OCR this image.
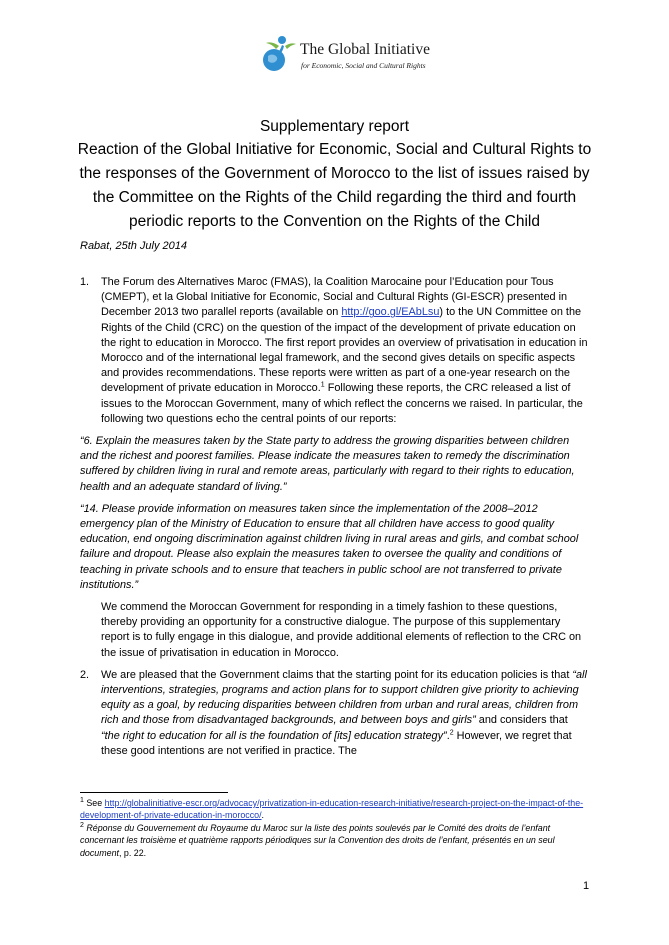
The Global Initiative
for Economic, Social and Cultural Rights
Supplementary report
Reaction of the Global Initiative for Economic, Social and Cultural Rights to
the responses of the Government of Morocco to the list of issues raised by
the Committee on the Rights of the Child regarding the third and fourth
periodic reports to the Convention on the Rights of the Child
Rabat, 25th July 2014
1. The Forum des Alternatives Maroc (FMAS), la Coalition Marocaine pour l’Education pour Tous (CMEPT), et la Global Initiative for Economic, Social and Cultural Rights (GI-ESCR) presented in December 2013 two parallel reports (available on http://goo.gl/EAbLsu) to the UN Committee on the Rights of the Child (CRC) on the question of the impact of the development of private education on the right to education in Morocco. The first report provides an overview of privatisation in education in Morocco and of the international legal framework, and the second gives details on specific aspects and provides recommendations. These reports were written as part of a one-year research on the development of private education in Morocco.$^1$ Following these reports, the CRC released a list of issues to the Moroccan Government, many of which reflect the concerns we raised. In particular, the following two questions echo the central points of our reports:
“6. Explain the measures taken by the State party to address the growing disparities between children and the richest and poorest families. Please indicate the measures taken to remedy the discrimination suffered by children living in rural and remote areas, particularly with regard to their rights to education, health and an adequate standard of living.”
“14. Please provide information on measures taken since the implementation of the 2008–2012 emergency plan of the Ministry of Education to ensure that all children have access to good quality education, end ongoing discrimination against children living in rural areas and girls, and combat school failure and dropout. Please also explain the measures taken to oversee the quality and conditions of teaching in private schools and to ensure that teachers in public school are not transferred to private institutions.”
We commend the Moroccan Government for responding in a timely fashion to these questions, thereby providing an opportunity for a constructive dialogue. The purpose of this supplementary report is to fully engage in this dialogue, and provide additional elements of reflection to the CRC on the issue of privatisation in education in Morocco.
2. We are pleased that the Government claims that the starting point for its education policies is that “all interventions, strategies, programs and action plans for to support children give priority to achieving equity as a goal, by reducing disparities between children from urban and rural areas, children from rich and those from disadvantaged backgrounds, and between boys and girls” and considers that “the right to education for all is the foundation of [its] education strategy”.$^2$ However, we regret that these good intentions are not verified in practice. The

$^1$ See http://globalinitiative-escr.org/advocacy/privatization-in-education-research-initiative/research-project-on-the-impact-of-the-development-of-private-education-in-morocco/.

$^2$ Réponse du Gouvernement du Royaume du Maroc sur la liste des points soulevés par le Comité des droits de l’enfant concernant les troisième et quatrième rapports périodiques sur la Convention des droits de l’enfant, présentés en un seul document, p. 22.

1
